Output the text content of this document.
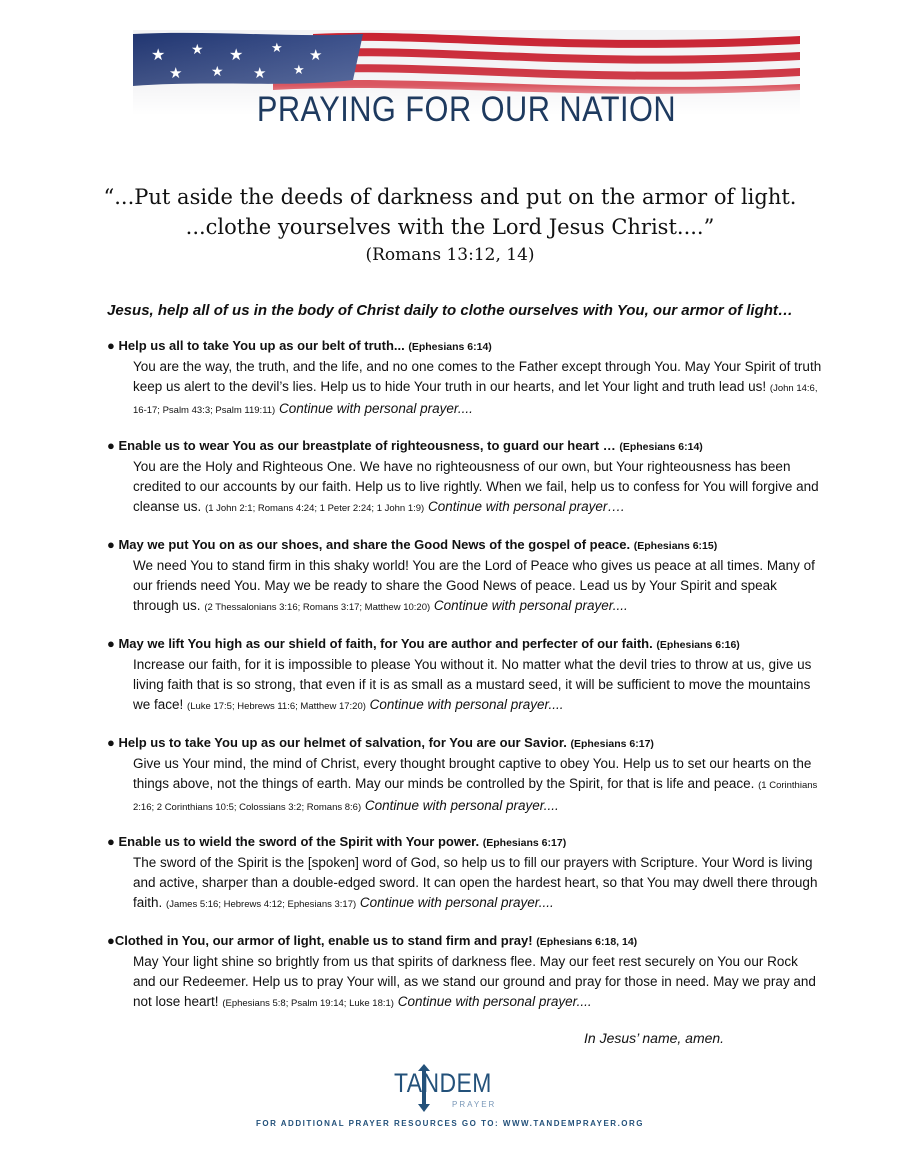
PRAYING FOR OUR NATION
“...Put aside the deeds of darkness and put on the armor of light.
...clothe yourselves with the Lord Jesus Christ....”
(Romans 13:12, 14)
Jesus, help all of us in the body of Christ daily to clothe ourselves with You, our armor of light…
● Help us all to take You up as our belt of truth... (Ephesians 6:14)
You are the way, the truth, and the life, and no one comes to the Father except through You. May Your Spirit of truth keep us alert to the devil’s lies. Help us to hide Your truth in our hearts, and let Your light and truth lead us! (John 14:6, 16-17; Psalm 43:3; Psalm 119:11) Continue with personal prayer....
● Enable us to wear You as our breastplate of righteousness, to guard our heart … (Ephesians 6:14)
You are the Holy and Righteous One. We have no righteousness of our own, but Your righteousness has been credited to our accounts by our faith. Help us to live rightly. When we fail, help us to confess for You will forgive and cleanse us. (1 John 2:1; Romans 4:24; 1 Peter 2:24; 1 John 1:9) Continue with personal prayer….
● May we put You on as our shoes, and share the Good News of the gospel of peace. (Ephesians 6:15)
We need You to stand firm in this shaky world! You are the Lord of Peace who gives us peace at all times. Many of our friends need You. May we be ready to share the Good News of peace. Lead us by Your Spirit and speak through us. (2 Thessalonians 3:16; Romans 3:17; Matthew 10:20) Continue with personal prayer....
● May we lift You high as our shield of faith, for You are author and perfecter of our faith. (Ephesians 6:16)
Increase our faith, for it is impossible to please You without it. No matter what the devil tries to throw at us, give us living faith that is so strong, that even if it is as small as a mustard seed, it will be sufficient to move the mountains we face! (Luke 17:5; Hebrews 11:6; Matthew 17:20) Continue with personal prayer....
● Help us to take You up as our helmet of salvation, for You are our Savior. (Ephesians 6:17)
Give us Your mind, the mind of Christ, every thought brought captive to obey You. Help us to set our hearts on the things above, not the things of earth. May our minds be controlled by the Spirit, for that is life and peace. (1 Corinthians 2:16; 2 Corinthians 10:5; Colossians 3:2; Romans 8:6) Continue with personal prayer....
● Enable us to wield the sword of the Spirit with Your power. (Ephesians 6:17)
The sword of the Spirit is the [spoken] word of God, so help us to fill our prayers with Scripture. Your Word is living and active, sharper than a double-edged sword. It can open the hardest heart, so that You may dwell there through faith. (James 5:16; Hebrews 4:12; Ephesians 3:17) Continue with personal prayer....
●Clothed in You, our armor of light, enable us to stand firm and pray! (Ephesians 6:18, 14)
May Your light shine so brightly from us that spirits of darkness flee. May our feet rest securely on You our Rock and our Redeemer. Help us to pray Your will, as we stand our ground and pray for those in need. May we pray and not lose heart! (Ephesians 5:8; Psalm 19:14; Luke 18:1) Continue with personal prayer....
In Jesus’ name, amen.
TANDEM
PRAYER
FOR ADDITIONAL PRAYER RESOURCES GO TO: WWW.TANDEMPRAYER.ORG
